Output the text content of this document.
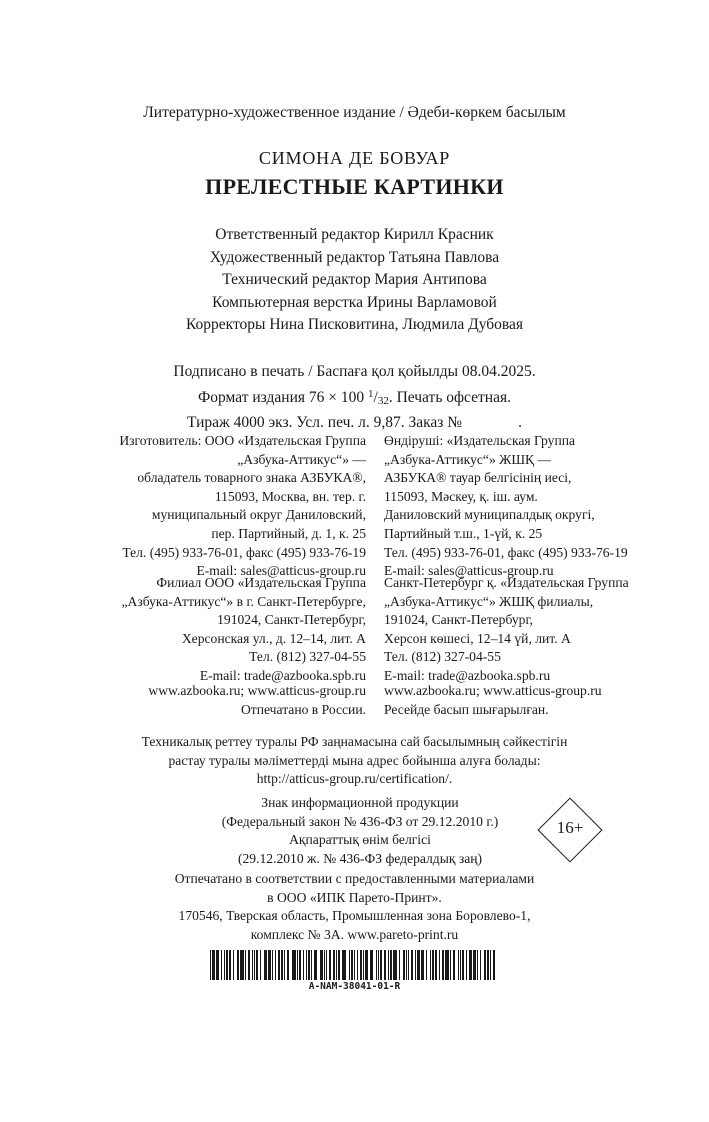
Литературно-художественное издание / Әдеби-көркем басылым
СИМОНА ДЕ БОВУАР
ПРЕЛЕСТНЫЕ КАРТИНКИ
Ответственный редактор Кирилл Красник
Художественный редактор Татьяна Павлова
Технический редактор Мария Антипова
Компьютерная верстка Ирины Варламовой
Корректоры Нина Писковитина, Людмила Дубовая
Подписано в печать / Баспаға қол қойылды 08.04.2025.
Формат издания 76 × 100 $^1$/32. Печать офсетная.
Тираж 4000 экз. Усл. печ. л. 9,87. Заказ №	.
Изготовитель: ООО «Издательская Группа
„Азбука-Аттикус“» —
обладатель товарного знака АЗБУКА®,
115093, Москва, вн. тер. г.
муниципальный округ Даниловский,
пер. Партийный, д. 1, к. 25
Тел. (495) 933-76-01, факс (495) 933-76-19
E-mail: sales@atticus-group.ru
Өндіруші: «Издательская Группа
„Азбука-Аттикус“» ЖШҚ —
АЗБУКА® тауар белгісінің иесі,
115093, Мәскеу, қ. іш. аум.
Даниловский муниципалдық округі,
Партийный т.ш., 1-үй, к. 25
Тел. (495) 933-76-01, факс (495) 933-76-19
E-mail: sales@atticus-group.ru
Филиал ООО «Издательская Группа
„Азбука-Аттикус“» в г. Санкт-Петербурге,
191024, Санкт-Петербург,
Херсонская ул., д. 12–14, лит. А
Тел. (812) 327-04-55
E-mail: trade@azbooka.spb.ru
Санкт-Петербург қ. «Издательская Группа
„Азбука-Аттикус“» ЖШҚ филиалы,
191024, Санкт-Петербург,
Херсон көшесі, 12–14 үй, лит. А
Тел. (812) 327-04-55
E-mail: trade@azbooka.spb.ru
www.azbooka.ru; www.atticus-group.ru
Отпечатано в России.
www.azbooka.ru; www.atticus-group.ru
Ресейде басып шығарылған.
Техникалық реттеу туралы РФ заңнамасына сай басылымның сәйкестігін
растау туралы мәліметтерді мына адрес бойынша алуға болады:
http://atticus-group.ru/certification/.
Знак информационной продукции
(Федеральный закон № 436-ФЗ от 29.12.2010 г.)
Ақпараттық өнім белгісі
(29.12.2010 ж. № 436-ФЗ федералдық заң)
16+
Отпечатано в соответствии с предоставленными материалами
в ООО «ИПК Парето-Принт».
170546, Тверская область, Промышленная зона Боровлево-1,
комплекс № 3А. www.pareto-print.ru
A-NAM-38041-01-R
